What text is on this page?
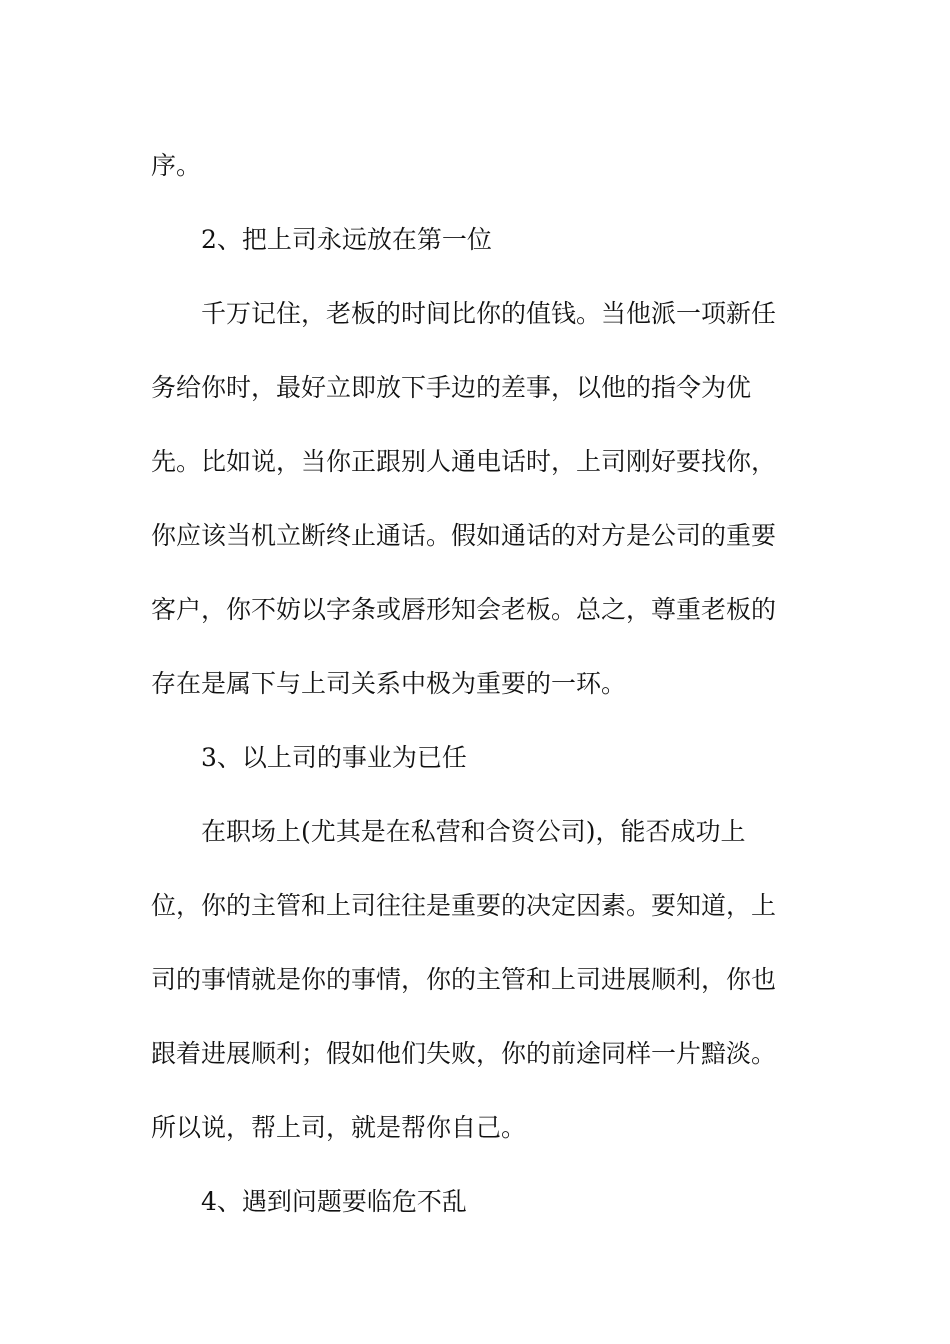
序。

2、把上司永远放在第一位

千万记住，老板的时间比你的值钱。当他派一项新任务给你时，最好立即放下手边的差事，以他的指令为优先。比如说，当你正跟别人通电话时，上司刚好要找你，你应该当机立断终止通话。假如通话的对方是公司的重要客户，你不妨以字条或唇形知会老板。总之，尊重老板的存在是属下与上司关系中极为重要的一环。

3、以上司的事业为已任

在职场上(尤其是在私营和合资公司)，能否成功上位，你的主管和上司往往是重要的决定因素。要知道，上司的事情就是你的事情，你的主管和上司进展顺利，你也跟着进展顺利；假如他们失败，你的前途同样一片黯淡。所以说，帮上司，就是帮你自己。

4、遇到问题要临危不乱
